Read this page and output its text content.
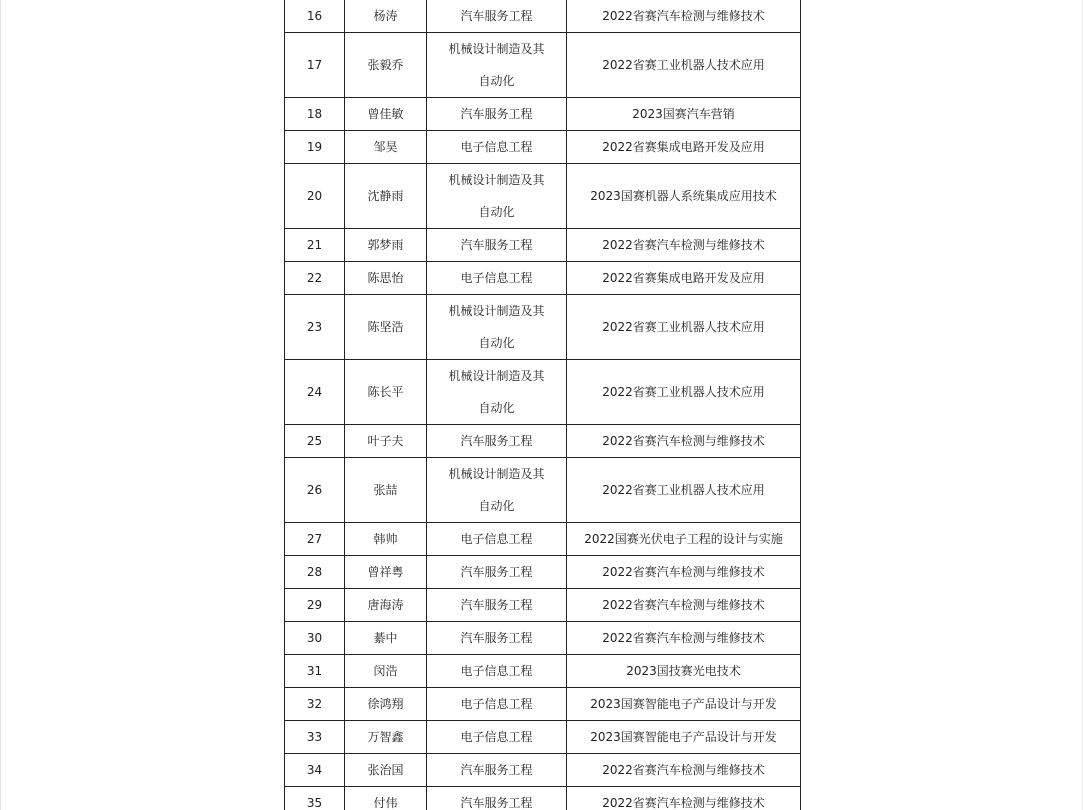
16	杨涛	汽车服务工程	2022省赛汽车检测与维修技术
17	张毅乔	机械设计制造及其自动化	2022省赛工业机器人技术应用
18	曾佳敏	汽车服务工程	2023国赛汽车营销
19	邹昊	电子信息工程	2022省赛集成电路开发及应用
20	沈静雨	机械设计制造及其自动化	2023国赛机器人系统集成应用技术
21	郭梦雨	汽车服务工程	2022省赛汽车检测与维修技术
22	陈思怡	电子信息工程	2022省赛集成电路开发及应用
23	陈坚浩	机械设计制造及其自动化	2022省赛工业机器人技术应用
24	陈长平	机械设计制造及其自动化	2022省赛工业机器人技术应用
25	叶子夫	汽车服务工程	2022省赛汽车检测与维修技术
26	张喆	机械设计制造及其自动化	2022省赛工业机器人技术应用
27	韩帅	电子信息工程	2022国赛光伏电子工程的设计与实施
28	曾祥粤	汽车服务工程	2022省赛汽车检测与维修技术
29	唐海涛	汽车服务工程	2022省赛汽车检测与维修技术
30	綦中	汽车服务工程	2022省赛汽车检测与维修技术
31	闵浩	电子信息工程	2023国技赛光电技术
32	徐鸿翔	电子信息工程	2023国赛智能电子产品设计与开发
33	万智鑫	电子信息工程	2023国赛智能电子产品设计与开发
34	张治国	汽车服务工程	2022省赛汽车检测与维修技术
35	付伟	汽车服务工程	2022省赛汽车检测与维修技术
